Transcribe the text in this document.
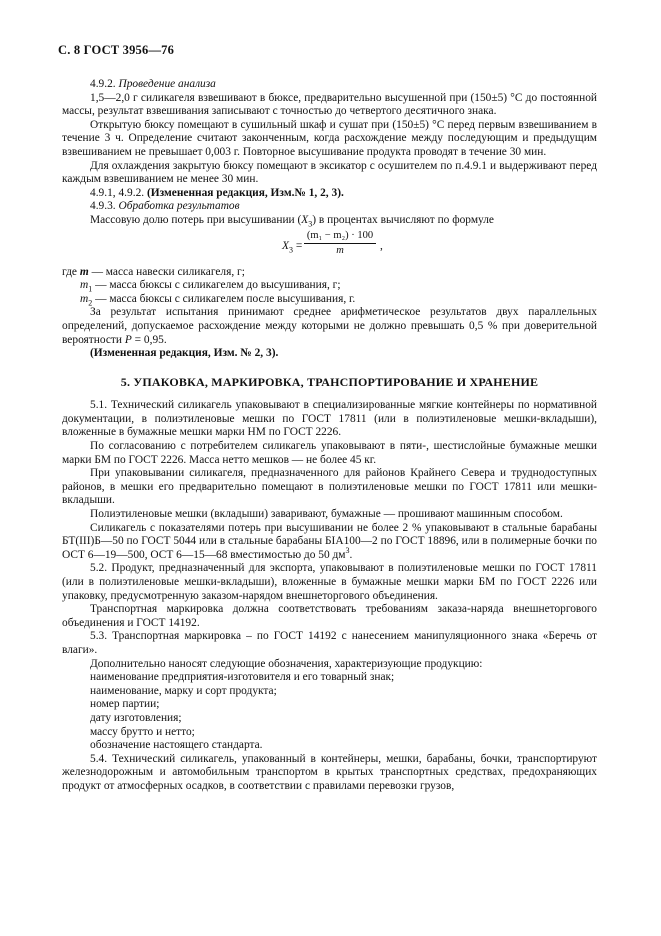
С. 8 ГОСТ 3956—76

4.9.2. Проведение анализа

1,5—2,0 г силикагеля взвешивают в бюксе, предварительно высушенной при (150±5) °С до постоянной массы, результат взвешивания записывают с точностью до четвертого десятичного знака.

Открытую бюксу помещают в сушильный шкаф и сушат при (150±5) °С перед первым взвешиванием в течение 3 ч. Определение считают законченным, когда расхождение между последующим и предыдущим взвешиванием не превышает 0,003 г. Повторное высушивание продукта проводят в течение 30 мин.

Для охлаждения закрытую бюксу помещают в эксикатор с осушителем по п.4.9.1 и выдерживают перед каждым взвешиванием не менее 30 мин.

4.9.1, 4.9.2. (Измененная редакция, Изм.№ 1, 2, 3).

4.9.3. Обработка результатов

Массовую долю потерь при высушивании $(X_3)$ в процентах вычисляют по формуле

$X_3 = \frac{\text{(m₁ − m₂) · 100}}{m}$ ,

где m — масса навески силикагеля, г;

$m_1$ — масса бюксы с силикагелем до высушивания, г;

$m_2$ — масса бюксы с силикагелем после высушивания, г.

За результат испытания принимают среднее арифметическое результатов двух параллельных определений, допускаемое расхождение между которыми не должно превышать 0,5 % при доверительной вероятности P = 0,95.

(Измененная редакция, Изм. № 2, 3).

5. УПАКОВКА, МАРКИРОВКА, ТРАНСПОРТИРОВАНИЕ И ХРАНЕНИЕ

5.1. Технический силикагель упаковывают в специализированные мягкие контейнеры по нормативной документации, в полиэтиленовые мешки по ГОСТ 17811 (или в полиэтиленовые мешки-вкладыши), вложенные в бумажные мешки марки НМ по ГОСТ 2226.

По согласованию с потребителем силикагель упаковывают в пяти-, шестислойные бумажные мешки марки БМ по ГОСТ 2226. Масса нетто мешков — не более 45 кг.

При упаковывании силикагеля, предназначенного для районов Крайнего Севера и труднодоступных районов, в мешки его предварительно помещают в полиэтиленовые мешки по ГОСТ 17811 или мешки-вкладыши.

Полиэтиленовые мешки (вкладыши) заваривают, бумажные — прошивают машинным способом.

Силикагель с показателями потерь при высушивании не более 2 % упаковывают в стальные барабаны БТ(III)Б—50 по ГОСТ 5044 или в стальные барабаны БIА100—2 по ГОСТ 18896, или в полимерные бочки по ОСТ 6—19—500, ОСТ 6—15—68 вместимостью до 50 $дм^3$.

5.2. Продукт, предназначенный для экспорта, упаковывают в полиэтиленовые мешки по ГОСТ 17811 (или в полиэтиленовые мешки-вкладыши), вложенные в бумажные мешки марки БМ по ГОСТ 2226 или упаковку, предусмотренную заказом-нарядом внешнеторгового объединения.

Транспортная маркировка должна соответствовать требованиям заказа-наряда внешнеторгового объединения и ГОСТ 14192.

5.3. Транспортная маркировка – по ГОСТ 14192 с нанесением манипуляционного знака «Беречь от влаги».

Дополнительно наносят следующие обозначения, характеризующие продукцию:

наименование предприятия-изготовителя и его товарный знак;

наименование, марку и сорт продукта;

номер партии;

дату изготовления;

массу брутто и нетто;

обозначение настоящего стандарта.

5.4. Технический силикагель, упакованный в контейнеры, мешки, барабаны, бочки, транспортируют железнодорожным и автомобильным транспортом в крытых транспортных средствах, предохраняющих продукт от атмосферных осадков, в соответствии с правилами перевозки грузов,
